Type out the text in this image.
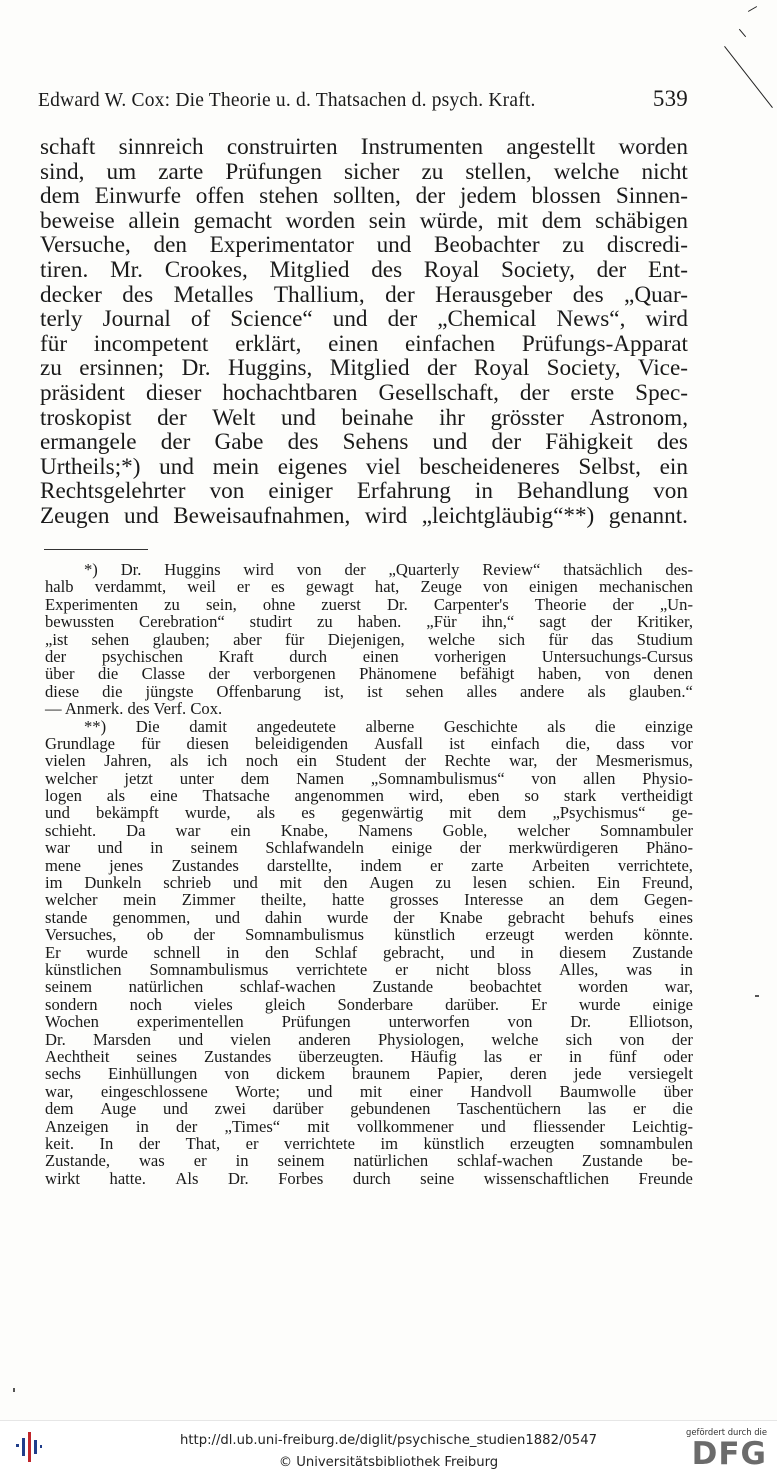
Edward W. Cox: Die Theorie u. d. Thatsachen d. psych. Kraft.	539
schaft sinnreich construirten Instrumenten angestellt worden
sind, um zarte Prüfungen sicher zu stellen, welche nicht
dem Einwurfe offen stehen sollten, der jedem blossen Sinnen-
beweise allein gemacht worden sein würde, mit dem schäbigen
Versuche, den Experimentator und Beobachter zu discredi-
tiren. Mr. Crookes, Mitglied des Royal Society, der Ent-
decker des Metalles Thallium, der Herausgeber des „Quar-
terly Journal of Science“ und der „Chemical News“, wird
für incompetent erklärt, einen einfachen Prüfungs-Apparat
zu ersinnen; Dr. Huggins, Mitglied der Royal Society, Vice-
präsident dieser hochachtbaren Gesellschaft, der erste Spec-
troskopist der Welt und beinahe ihr grösster Astronom,
ermangele der Gabe des Sehens und der Fähigkeit des
Urtheils;*) und mein eigenes viel bescheideneres Selbst, ein
Rechtsgelehrter von einiger Erfahrung in Behandlung von
Zeugen und Beweisaufnahmen, wird „leichtgläubig“**) genannt.
*) Dr. Huggins wird von der „Quarterly Review“ thatsächlich des-
halb verdammt, weil er es gewagt hat, Zeuge von einigen mechanischen
Experimenten zu sein, ohne zuerst Dr. Carpenter's Theorie der „Un-
bewussten Cerebration“ studirt zu haben. „Für ihn,“ sagt der Kritiker,
„ist sehen glauben; aber für Diejenigen, welche sich für das Studium
der psychischen Kraft durch einen vorherigen Untersuchungs-Cursus
über die Classe der verborgenen Phänomene befähigt haben, von denen
diese die jüngste Offenbarung ist, ist sehen alles andere als glauben.“
— Anmerk. des Verf. Cox.
**) Die damit angedeutete alberne Geschichte als die einzige
Grundlage für diesen beleidigenden Ausfall ist einfach die, dass vor
vielen Jahren, als ich noch ein Student der Rechte war, der Mesmerismus,
welcher jetzt unter dem Namen „Somnambulismus“ von allen Physio-
logen als eine Thatsache angenommen wird, eben so stark vertheidigt
und bekämpft wurde, als es gegenwärtig mit dem „Psychismus“ ge-
schieht. Da war ein Knabe, Namens Goble, welcher Somnambuler
war und in seinem Schlafwandeln einige der merkwürdigeren Phäno-
mene jenes Zustandes darstellte, indem er zarte Arbeiten verrichtete,
im Dunkeln schrieb und mit den Augen zu lesen schien. Ein Freund,
welcher mein Zimmer theilte, hatte grosses Interesse an dem Gegen-
stande genommen, und dahin wurde der Knabe gebracht behufs eines
Versuches, ob der Somnambulismus künstlich erzeugt werden könnte.
Er wurde schnell in den Schlaf gebracht, und in diesem Zustande
künstlichen Somnambulismus verrichtete er nicht bloss Alles, was in
seinem natürlichen schlaf-wachen Zustande beobachtet worden war,
sondern noch vieles gleich Sonderbare darüber. Er wurde einige
Wochen experimentellen Prüfungen unterworfen von Dr. Elliotson,
Dr. Marsden und vielen anderen Physiologen, welche sich von der
Aechtheit seines Zustandes überzeugten. Häufig las er in fünf oder
sechs Einhüllungen von dickem braunem Papier, deren jede versiegelt
war, eingeschlossene Worte; und mit einer Handvoll Baumwolle über
dem Auge und zwei darüber gebundenen Taschentüchern las er die
Anzeigen in der „Times“ mit vollkommener und fliessender Leichtig-
keit. In der That, er verrichtete im künstlich erzeugten somnambulen
Zustande, was er in seinem natürlichen schlaf-wachen Zustande be-
wirkt hatte. Als Dr. Forbes durch seine wissenschaftlichen Freunde
http://dl.ub.uni-freiburg.de/diglit/psychische_studien1882/0547
© Universitätsbibliothek Freiburg
gefördert durch die
DFG
